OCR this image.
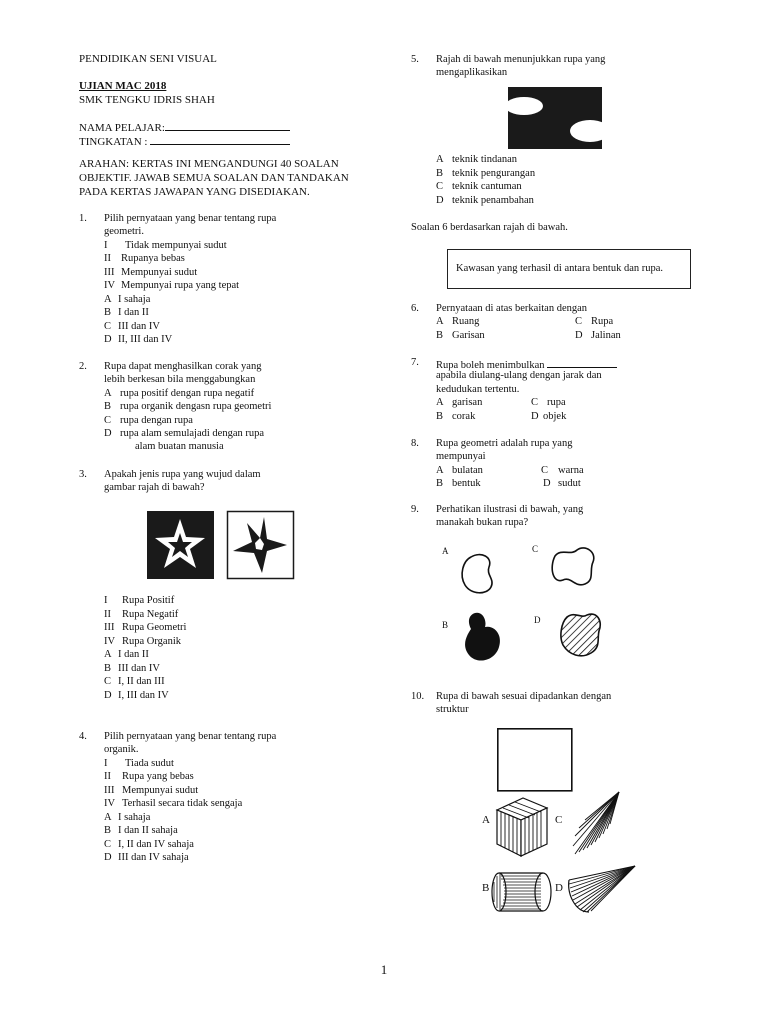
PENDIDIKAN SENI VISUAL
UJIAN MAC 2018
SMK TENGKU IDRIS SHAH
NAMA PELAJAR:
TINGKATAN :
ARAHAN: KERTAS INI MENGANDUNGI 40 SOALAN
OBJEKTIF. JAWAB SEMUA SOALAN DAN TANDAKAN
PADA KERTAS JAWAPAN YANG DISEDIAKAN.
1. Pilih pernyataan yang benar tentang rupa
geometri.
I Tidak mempunyai sudut
II Rupanya bebas
III Mempunyai sudut
IV Mempunyai rupa yang tepat
A I sahaja
B I dan II
C III dan IV
D II, III dan IV
2. Rupa dapat menghasilkan corak yang
lebih berkesan bila menggabungkan
A rupa positif dengan rupa negatif
B rupa organik dengasn rupa geometri
C rupa dengan rupa
D rupa alam semulajadi dengan rupa
alam buatan manusia
3. Apakah jenis rupa yang wujud dalam
gambar rajah di bawah?
I Rupa Positif
II Rupa Negatif
III Rupa Geometri
IV Rupa Organik
A I dan II
B III dan IV
C I, II dan III
D I, III dan IV
4. Pilih pernyataan yang benar tentang rupa
organik.
I Tiada sudut
II Rupa yang bebas
III Mempunyai sudut
IV Terhasil secara tidak sengaja
A I sahaja
B I dan II sahaja
C I, II dan IV sahaja
D III dan IV sahaja
5. Rajah di bawah menunjukkan rupa yang
mengaplikasikan
A teknik tindanan
B teknik pengurangan
C teknik cantuman
D teknik penambahan
Soalan 6 berdasarkan rajah di bawah.
Kawasan yang terhasil di antara bentuk dan rupa.
6. Pernyataan di atas berkaitan dengan
A Ruang	C Rupa
B Garisan	D Jalinan
7. Rupa boleh menimbulkan
apabila diulang-ulang dengan jarak dan
kedudukan tertentu.
A garisan	C rupa
B corak	D objek
8. Rupa geometri adalah rupa yang
mempunyai
A bulatan	C warna
B bentuk	D sudut
9. Perhatikan ilustrasi di bawah, yang
manakah bukan rupa?
A	C
B	D
10. Rupa di bawah sesuai dipadankan dengan
struktur
A	C
B	D
1
